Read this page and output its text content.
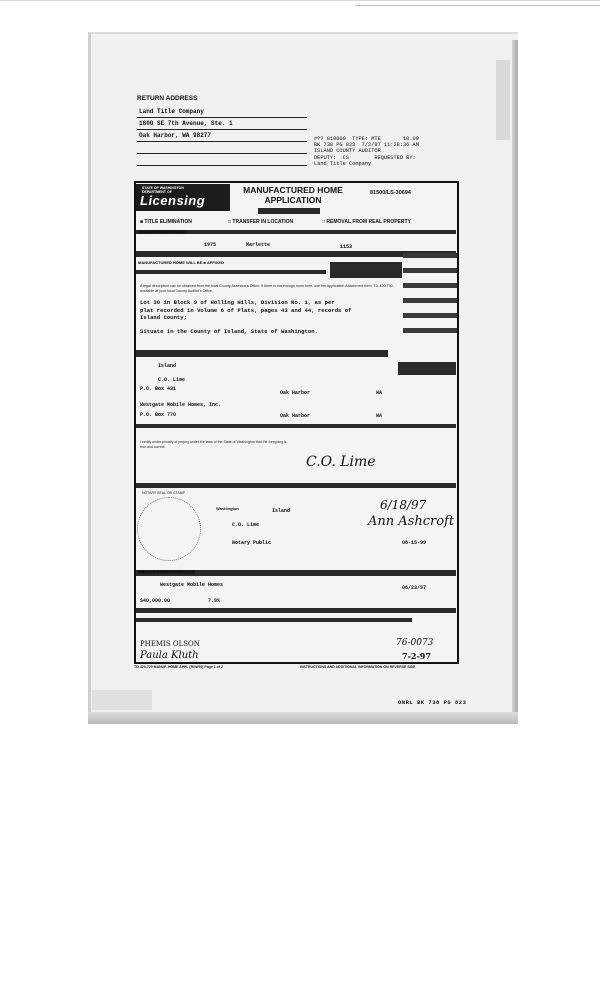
RETURN ADDRESS
Land Title Company
1800 SE 7th Avenue, Ste. 1
Oak Harbor, WA 98277	#?? 010000  TYPE: MTE       10.00
BK 738 PG 823  7/2/97 11:28:36 AM
ISLAND COUNTY AUDITOR
DEPUTY:  CS        REQUESTED BY:
Land Title Company
STATE OF WASHINGTON
DEPARTMENT OF
Licensing
MANUFACTURED HOME
APPLICATION
81500/LS-30694
■ TITLE ELIMINATION	□ TRANSFER IN LOCATION	□ REMOVAL FROM REAL PROPERTY
MANUFACTURED HOME
1975	Marlette	1153
MANUFACTURED HOME WILL BE ■ AFFIXED
A legal description can be obtained from the local County Assessor's Office. If there is not enough room here, use the Application Attachment form, TD-420-730, available at your local County Auditor's Office.
Lot 30 in Block 9 of Holling Hills, Division No. 1, as per
plat recorded in Volume 6 of Plats, pages 43 and 44, records of
Island County;
Situate in the County of Island, State of Washington.
Island
C.O. Lime
P.O. Box 431
Oak Harbor	WA
Westgate Mobile Homes, Inc.
P.O. Box 770	Oak Harbor	WA
I certify under penalty of perjury under the laws of the State of Washington that the foregoing is true and correct.
C.O. Lime
NOTARY SEAL OR STAMP
Washington	Island	6/18/97
Ann Ashcroft
C.O. Lime
Notary Public	08-15-99
DEALER'S REPORT OF SALE
Westgate Mobile Homes	06/23/97
$40,000.00	7.9%
PHEMIS OLSON
Paula Kluth
76-0073
7-2-97
TD-420-729 MANUF. HOME APPL (R/W/99) Page 1 of 2	INSTRUCTIONS AND ADDITIONAL INFORMATION ON REVERSE SIDE
ONRL BK 738 PG 823
